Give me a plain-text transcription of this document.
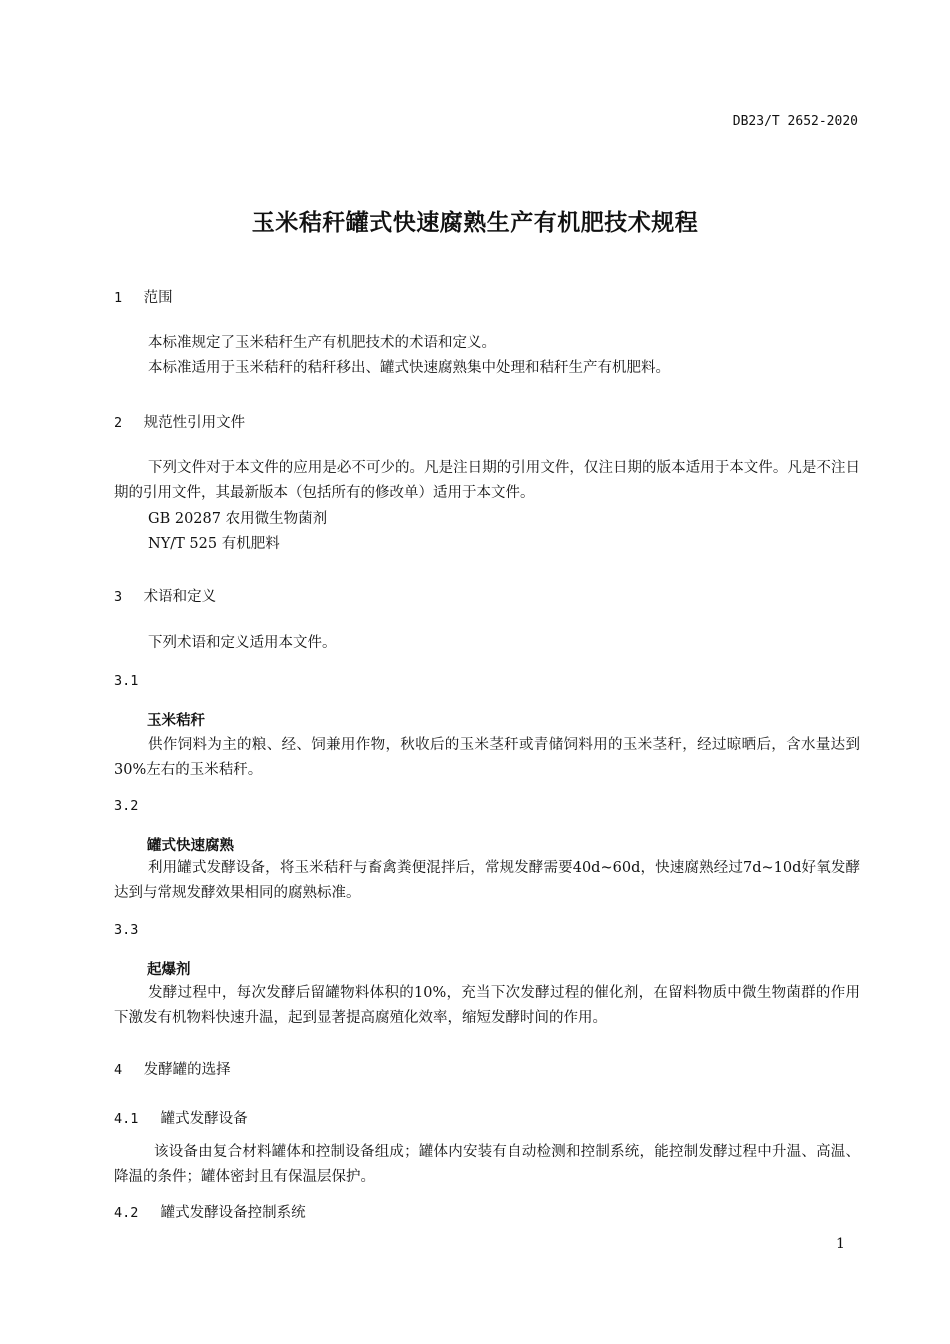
DB23/T 2652-2020
玉米秸秆罐式快速腐熟生产有机肥技术规程
1 范围
本标准规定了玉米秸秆生产有机肥技术的术语和定义。
本标准适用于玉米秸秆的秸秆移出、罐式快速腐熟集中处理和秸秆生产有机肥料。
2 规范性引用文件
下列文件对于本文件的应用是必不可少的。凡是注日期的引用文件，仅注日期的版本适用于本文件。凡是不注日期的引用文件，其最新版本（包括所有的修改单）适用于本文件。
GB 20287 农用微生物菌剂
NY/T 525 有机肥料
3 术语和定义
下列术语和定义适用本文件。
3.1
玉米秸秆
供作饲料为主的粮、经、饲兼用作物，秋收后的玉米茎秆或青储饲料用的玉米茎秆，经过晾晒后，含水量达到30%左右的玉米秸秆。
3.2
罐式快速腐熟
利用罐式发酵设备，将玉米秸秆与畜禽粪便混拌后，常规发酵需要40d~60d，快速腐熟经过7d~10d好氧发酵达到与常规发酵效果相同的腐熟标准。
3.3
起爆剂
发酵过程中，每次发酵后留罐物料体积的10%，充当下次发酵过程的催化剂，在留料物质中微生物菌群的作用下激发有机物料快速升温，起到显著提高腐殖化效率，缩短发酵时间的作用。
4 发酵罐的选择
4.1 罐式发酵设备
该设备由复合材料罐体和控制设备组成；罐体内安装有自动检测和控制系统，能控制发酵过程中升温、高温、降温的条件；罐体密封且有保温层保护。
4.2 罐式发酵设备控制系统
1
